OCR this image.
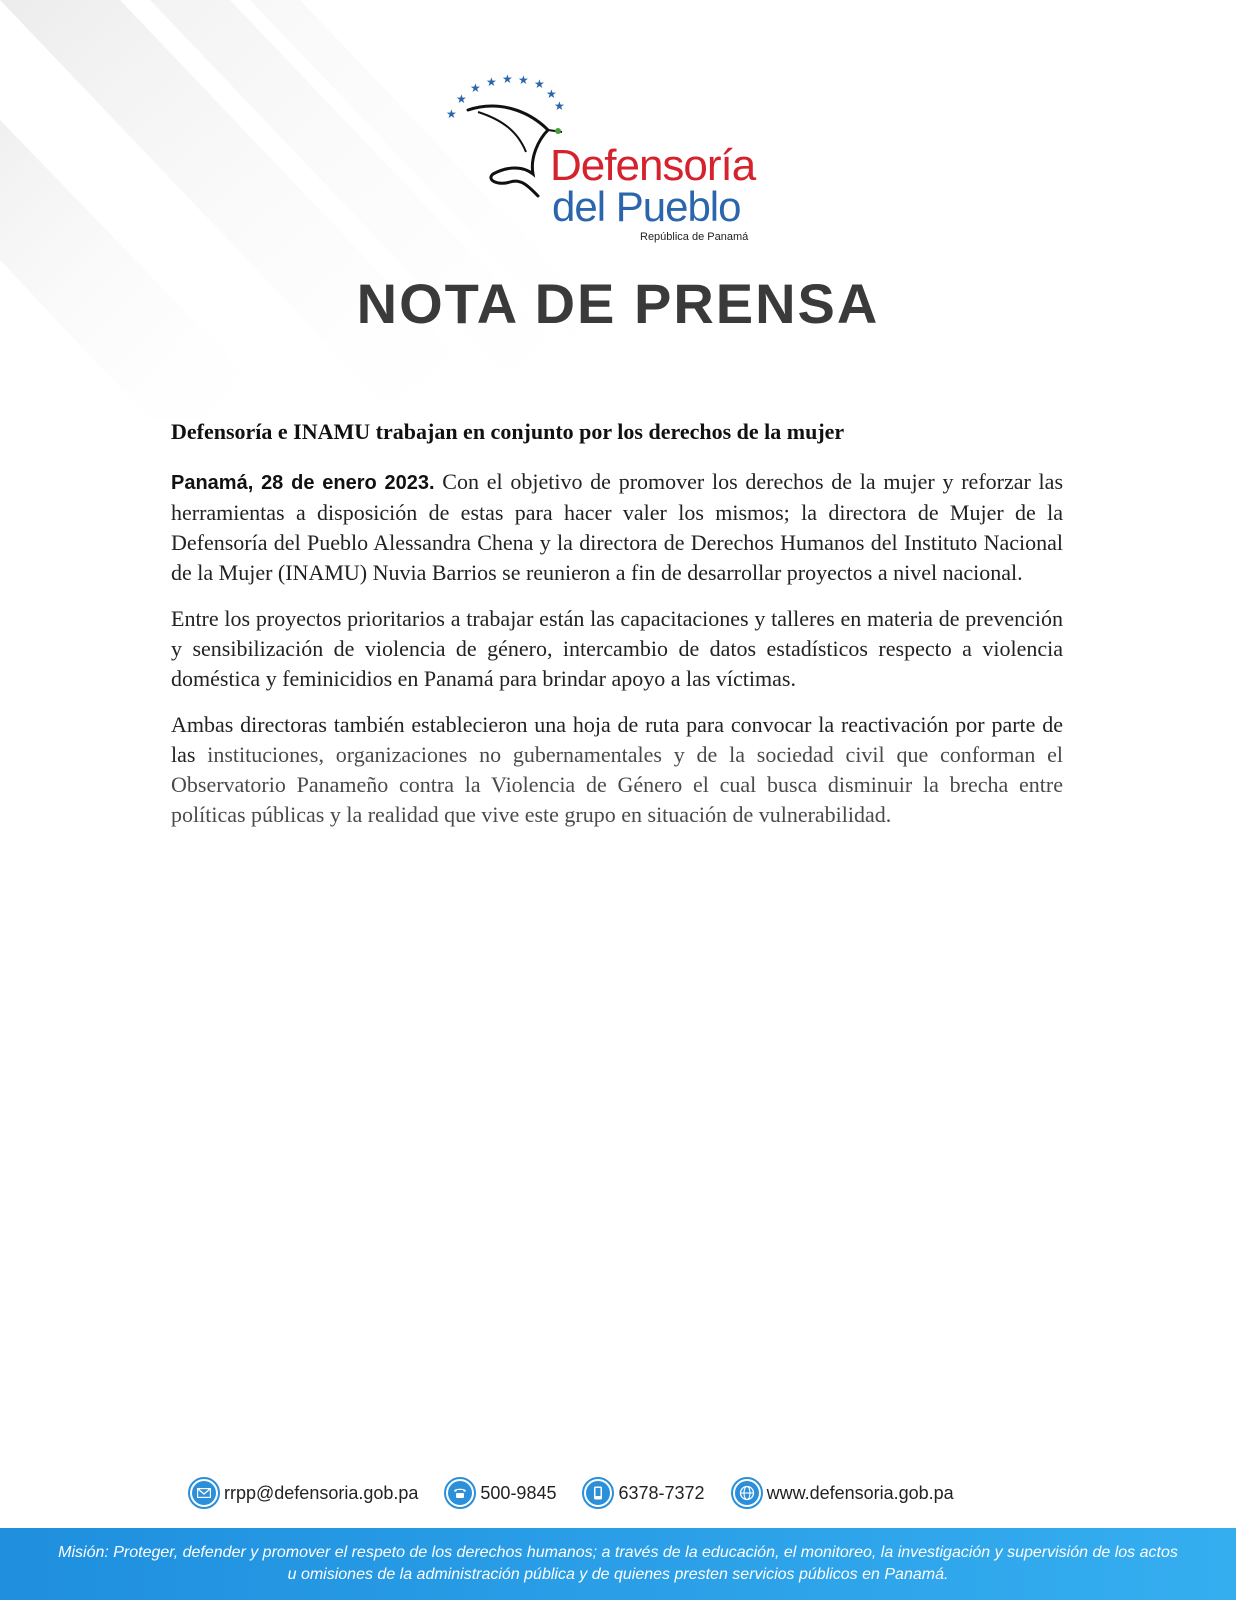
★
★
★ ★ ★ ★ ★
★
★
Defensoría
del Pueblo
República de Panamá
NOTA DE PRENSA
Defensoría e INAMU trabajan en conjunto por los derechos de la mujer

Panamá, 28 de enero 2023. Con el objetivo de promover los derechos de la mujer y reforzar las herramientas a disposición de estas para hacer valer los mismos; la directora de Mujer de la Defensoría del Pueblo Alessandra Chena y la directora de Derechos Humanos del Instituto Nacional de la Mujer (INAMU) Nuvia Barrios se reunieron a fin de desarrollar proyectos a nivel nacional.

Entre los proyectos prioritarios a trabajar están las capacitaciones y talleres en materia de prevención y sensibilización de violencia de género, intercambio de datos estadísticos respecto a violencia doméstica y feminicidios en Panamá para brindar apoyo a las víctimas.

Ambas directoras también establecieron una hoja de ruta para convocar la reactivación por parte de las instituciones, organizaciones no gubernamentales y de la sociedad civil que conforman el Observatorio Panameño contra la Violencia de Género el cual busca disminuir la brecha entre políticas públicas y la realidad que vive este grupo en situación de vulnerabilidad.

rrpp@defensoria.gob.pa	500-9845	6378-7372	www.defensoria.gob.pa
Misión: Proteger, defender y promover el respeto de los derechos humanos; a través de la educación, el monitoreo, la investigación y supervisión de los actos u omisiones de la administración pública y de quienes presten servicios públicos en Panamá.
